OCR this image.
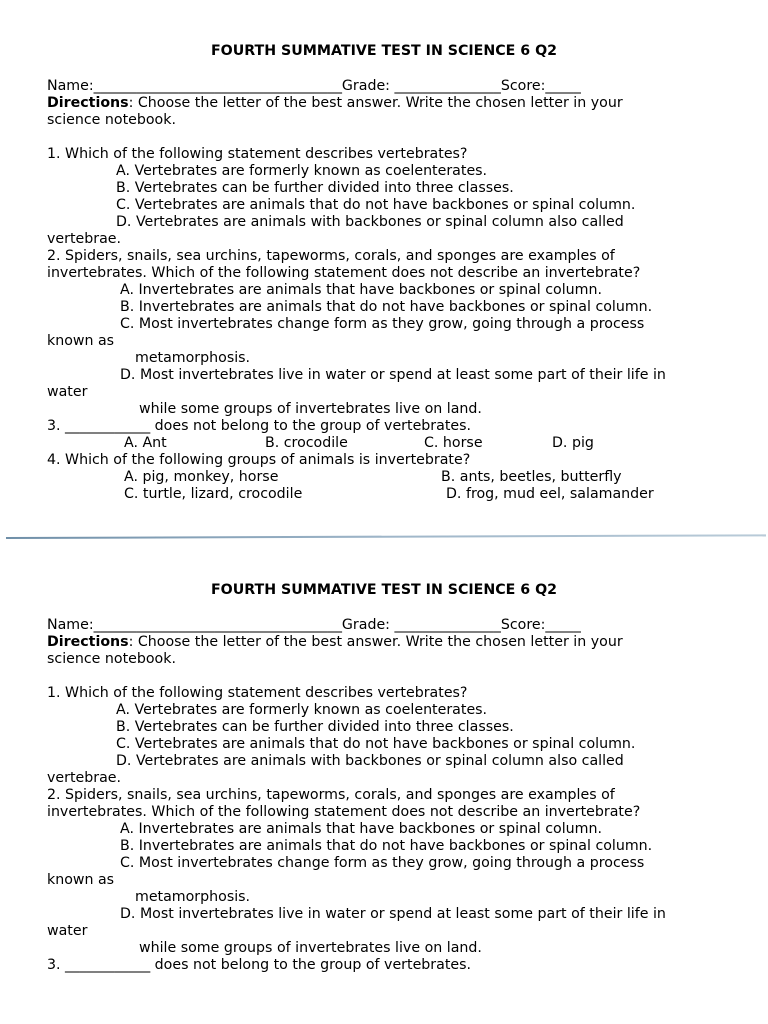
FOURTH SUMMATIVE TEST IN SCIENCE 6 Q2
Name:___________________________________Grade: _______________Score:_____
Directions: Choose the letter of the best answer. Write the chosen letter in your
science notebook.
1. Which of the following statement describes vertebrates?
A. Vertebrates are formerly known as coelenterates.
B. Vertebrates can be further divided into three classes.
C. Vertebrates are animals that do not have backbones or spinal column.
D. Vertebrates are animals with backbones or spinal column also called
vertebrae.
2. Spiders, snails, sea urchins, tapeworms, corals, and sponges are examples of
invertebrates. Which of the following statement does not describe an invertebrate?
A. Invertebrates are animals that have backbones or spinal column.
B. Invertebrates are animals that do not have backbones or spinal column.
C. Most invertebrates change form as they grow, going through a process
known as
metamorphosis.
D. Most invertebrates live in water or spend at least some part of their life in
water
while some groups of invertebrates live on land.
3. ____________ does not belong to the group of vertebrates.
A. Ant	B. crocodile	C. horse	D. pig
4. Which of the following groups of animals is invertebrate?
A. pig, monkey, horse	B. ants, beetles, butterfly
C. turtle, lizard, crocodile	D. frog, mud eel, salamander
FOURTH SUMMATIVE TEST IN SCIENCE 6 Q2
Name:___________________________________Grade: _______________Score:_____
Directions: Choose the letter of the best answer. Write the chosen letter in your
science notebook.
1. Which of the following statement describes vertebrates?
A. Vertebrates are formerly known as coelenterates.
B. Vertebrates can be further divided into three classes.
C. Vertebrates are animals that do not have backbones or spinal column.
D. Vertebrates are animals with backbones or spinal column also called
vertebrae.
2. Spiders, snails, sea urchins, tapeworms, corals, and sponges are examples of
invertebrates. Which of the following statement does not describe an invertebrate?
A. Invertebrates are animals that have backbones or spinal column.
B. Invertebrates are animals that do not have backbones or spinal column.
C. Most invertebrates change form as they grow, going through a process
known as
metamorphosis.
D. Most invertebrates live in water or spend at least some part of their life in
water
while some groups of invertebrates live on land.
3. ____________ does not belong to the group of vertebrates.
